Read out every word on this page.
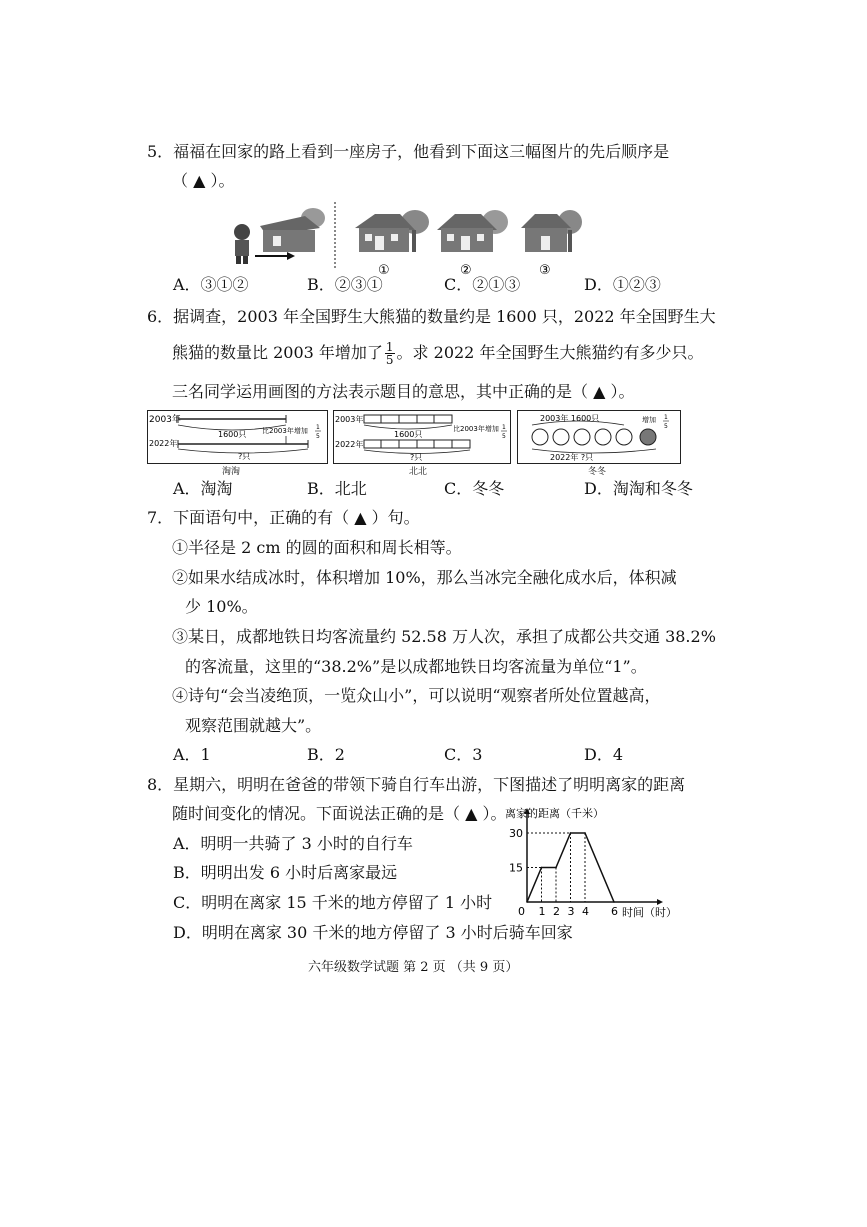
5．福福在回家的路上看到一座房子，他看到下面这三幅图片的先后顺序是
（ ▲ ）。
①	②	③
A．③①②	B．②③①	C．②①③	D．①②③
6．据调查，2003 年全国野生大熊猫的数量约是 1600 只，2022 年全国野生大
熊猫的数量比 2003 年增加了 $\frac{1}{5}$ 。求 2022 年全国野生大熊猫约有多少只。
三名同学运用画图的方法表示题目的意思，其中正确的是（ ▲ ）。
2003年
1600只 比2003年增加 1
5
2022年
?只
淘淘
2003年
1600只
比2003年增加 1
5
2022年
?只
北北
2003年 1600只	增加 1
5
2022年 ?只
冬冬
A．淘淘	B．北北	C．冬冬	D．淘淘和冬冬
7．下面语句中，正确的有（ ▲ ）句。
①半径是 2 cm 的圆的面积和周长相等。
②如果水结成冰时，体积增加 10%，那么当冰完全融化成水后，体积减
少 10%。
③某日，成都地铁日均客流量约 52.58 万人次，承担了成都公共交通 38.2%
的客流量，这里的“38.2%”是以成都地铁日均客流量为单位“1”。
④诗句“会当凌绝顶，一览众山小”，可以说明“观察者所处位置越高，
观察范围就越大”。
A．1	B．2	C．3	D．4
8．星期六，明明在爸爸的带领下骑自行车出游，下图描述了明明离家的距离
随时间变化的情况。下面说法正确的是（ ▲ ）。
A．明明一共骑了 3 小时的自行车
B．明明出发 6 小时后离家最远
C．明明在离家 15 千米的地方停留了 1 小时
D．明明在离家 30 千米的地方停留了 3 小时后骑车回家
离家的距离（千米）
时间（时）
0 1 2 3 4 6
15
30
六年级数学试题 第 2 页 （共 9 页）
